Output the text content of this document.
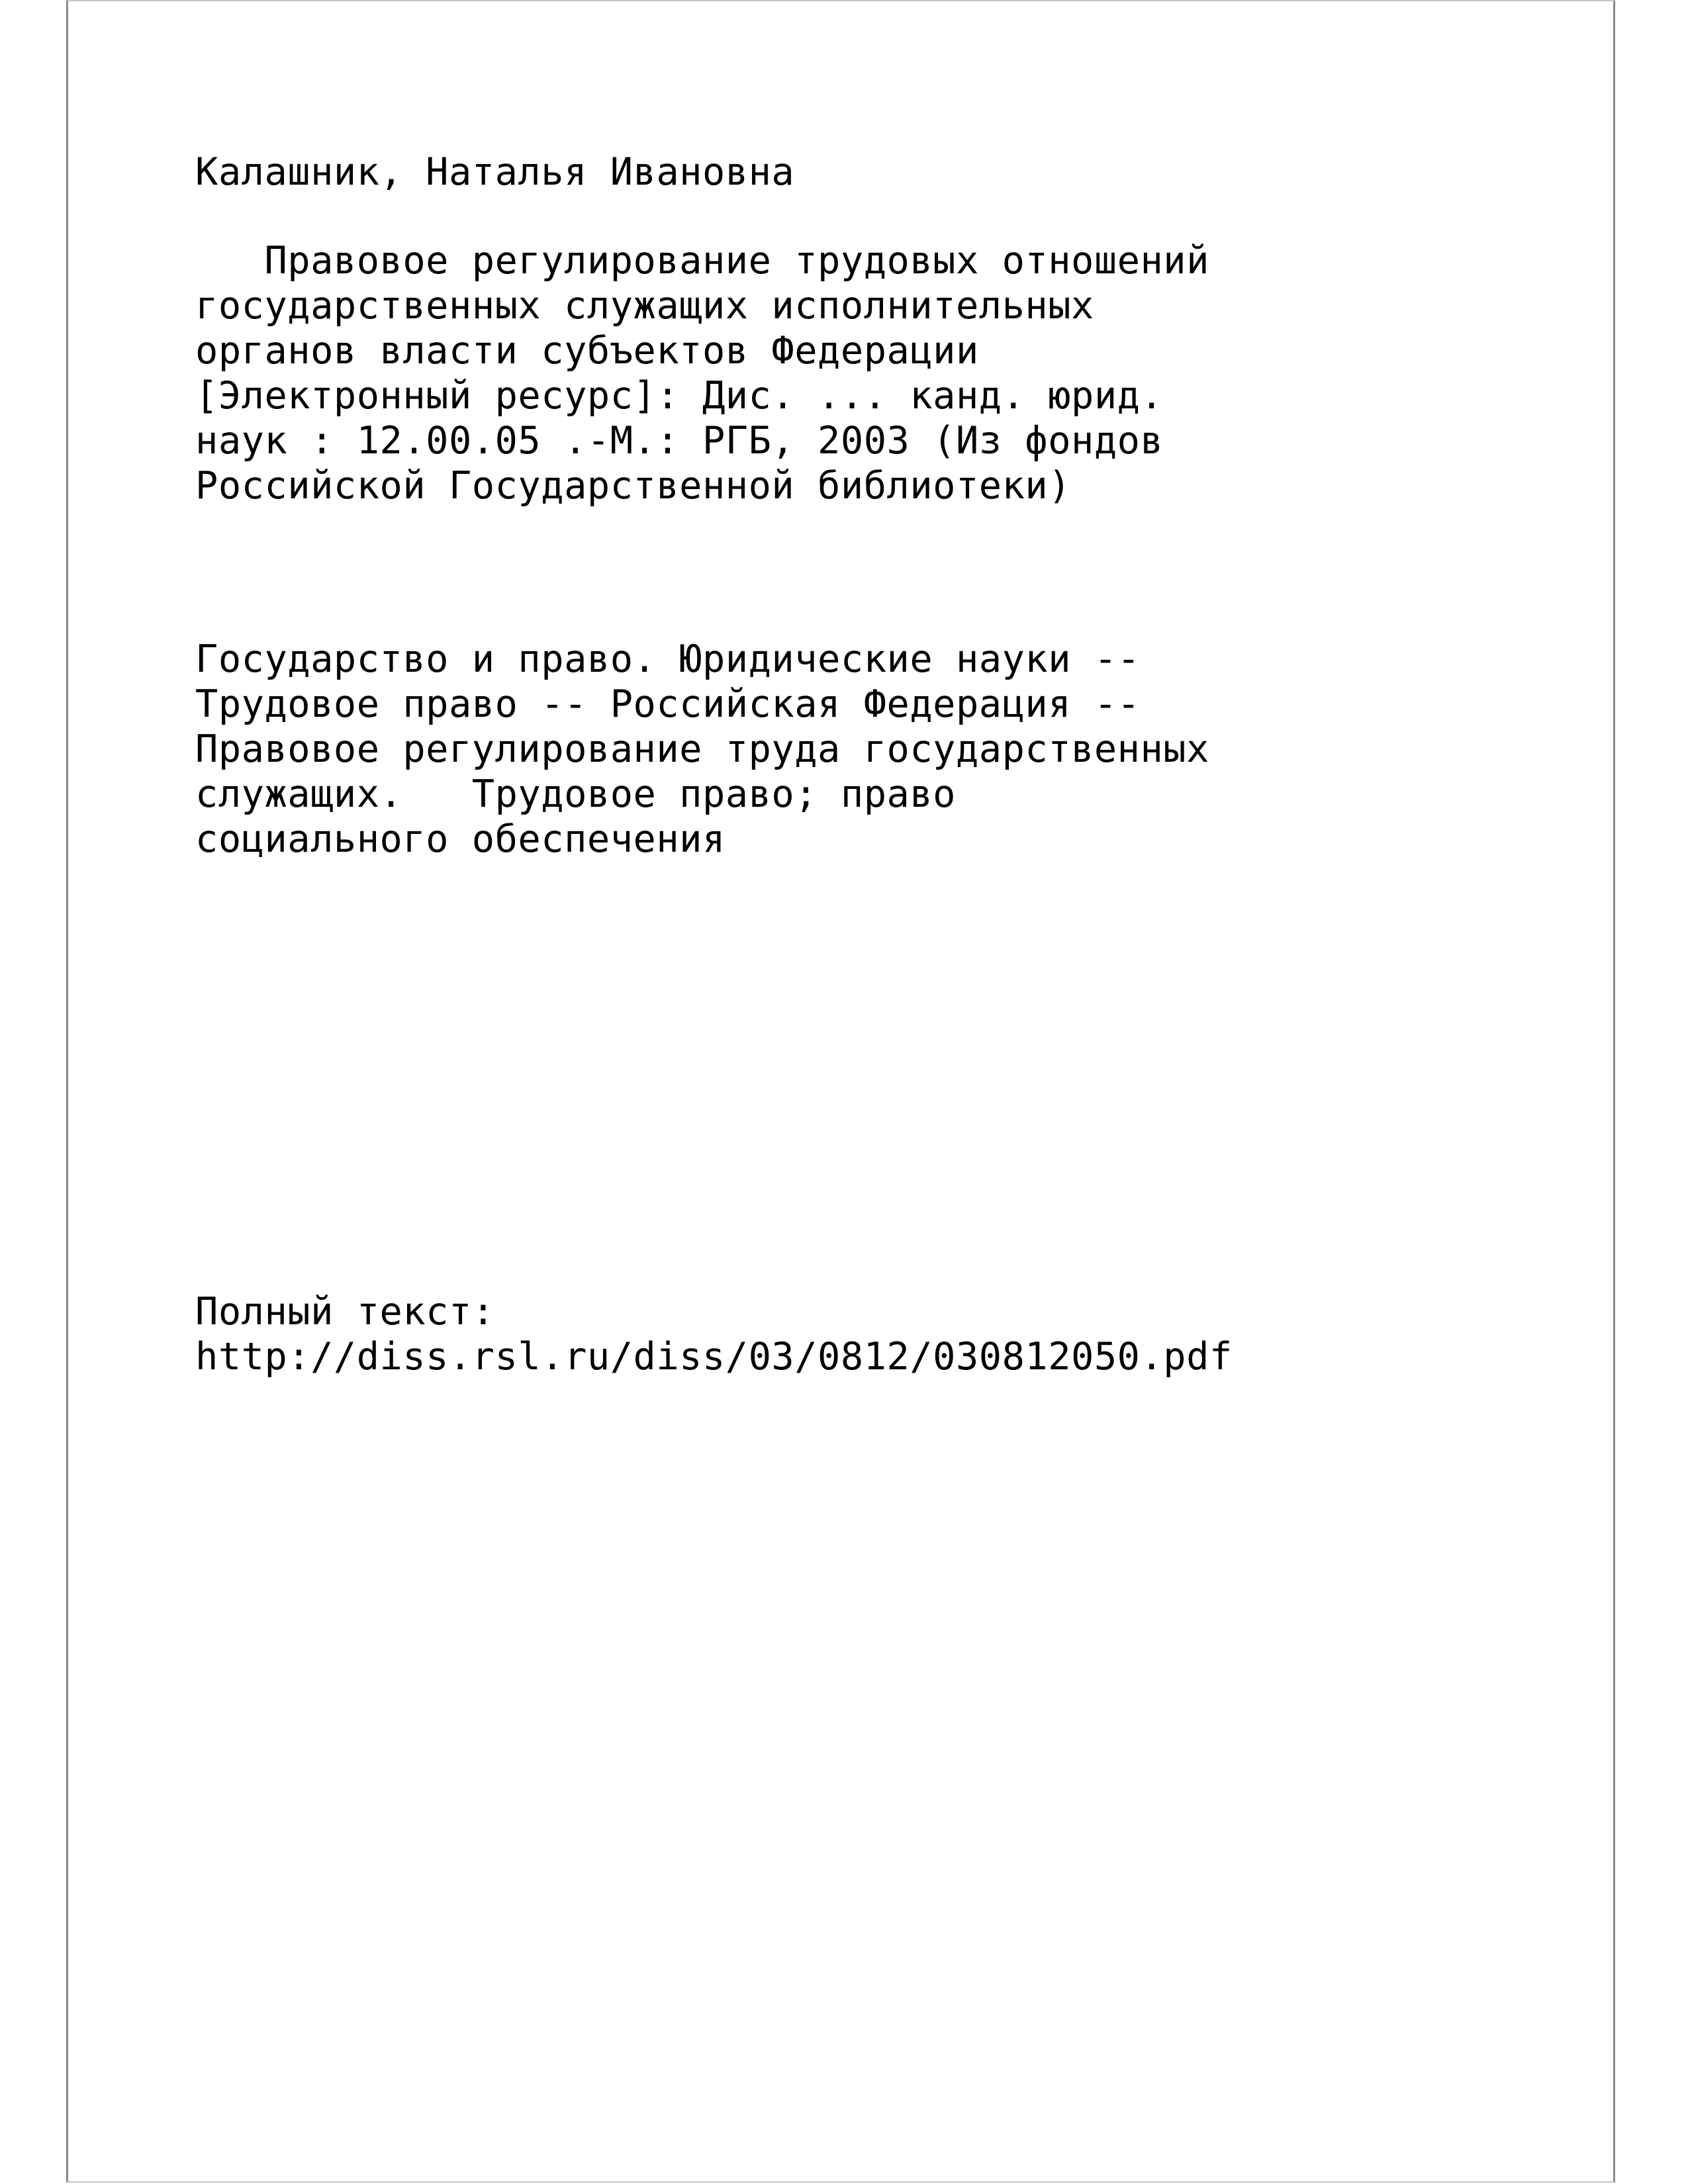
Калашник, Наталья Ивановна

Правовое регулирование трудовых отношений

государственных служащих исполнительных

органов власти субъектов Федерации

[Электронный ресурс]: Дис. ... канд. юрид.

наук : 12.00.05 .-М.: РГБ, 2003 (Из фондов

Российской Государственной библиотеки)

Государство и право. Юридические науки --

Трудовое право -- Российская Федерация --

Правовое регулирование труда государственных

служащих.   Трудовое право; право

социального обеспечения

Полный текст:

http://diss.rsl.ru/diss/03/0812/030812050.pdf
